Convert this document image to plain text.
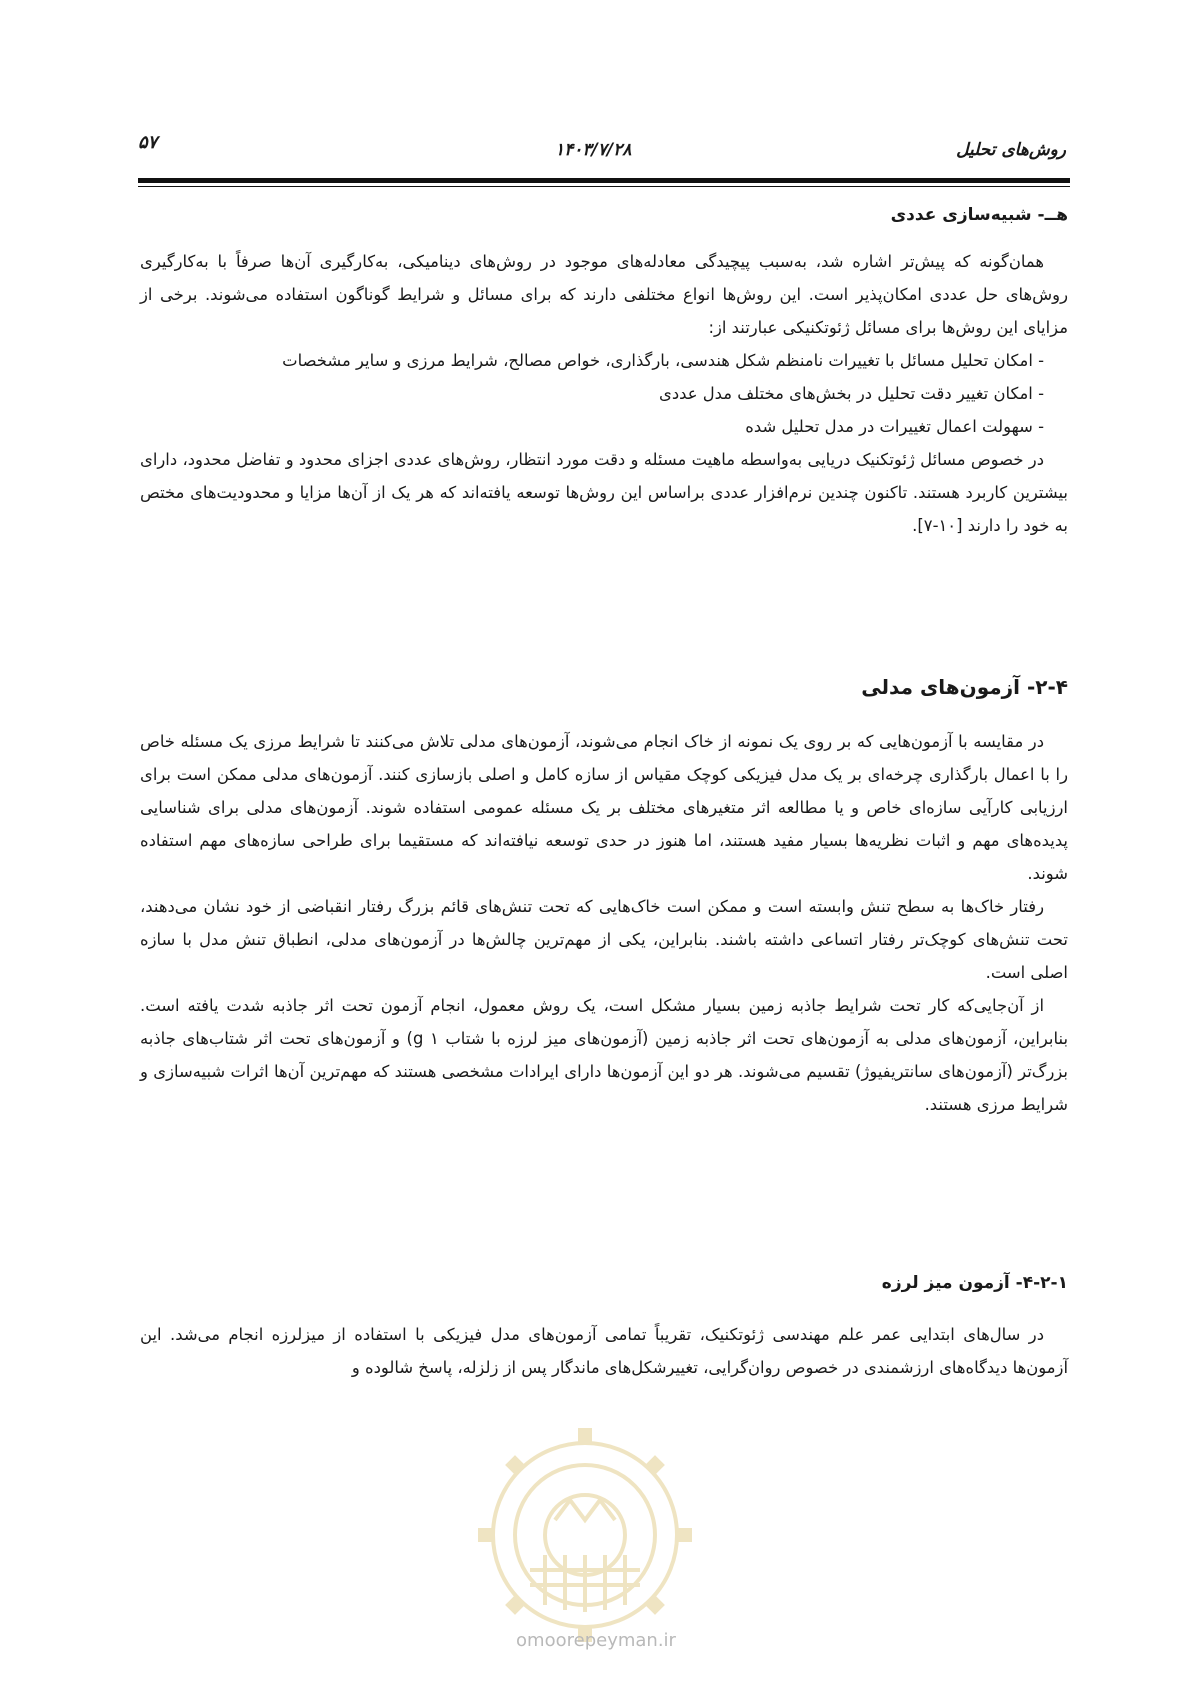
روش‌های تحلیل
۱۴۰۳/۷/۲۸
۵۷
هــ- شبیه‌سازی عددی

همان‌گونه که پیش‌تر اشاره شد، به‌سبب پیچیدگی معادله‌های موجود در روش‌های دینامیکی، به‌کارگیری آن‌ها صرفاً با به‌کارگیری روش‌های حل عددی امکان‌پذیر است. این روش‌ها انواع مختلفی دارند که برای مسائل و شرایط گوناگون استفاده می‌شوند. برخی از مزایای این روش‌ها برای مسائل ژئوتکنیکی عبارتند از:

- امکان تحلیل مسائل با تغییرات نامنظم شکل هندسی، بارگذاری، خواص مصالح، شرایط مرزی و سایر مشخصات
- امکان تغییر دقت تحلیل در بخش‌های مختلف مدل عددی
- سهولت اعمال تغییرات در مدل تحلیل شده

در خصوص مسائل ژئوتکنیک دریایی به‌واسطه ماهیت مسئله و دقت مورد انتظار، روش‌های عددی اجزای محدود و تفاضل محدود، دارای بیشترین کاربرد هستند. تاکنون چندین نرم‌افزار عددی براساس این روش‌ها توسعه یافته‌اند که هر یک از آن‌ها مزایا و محدودیت‌های مختص به خود را دارند [۱۰-۷].

۲-۴- آزمون‌های مدلی

در مقایسه با آزمون‌هایی که بر روی یک نمونه از خاک انجام می‌شوند، آزمون‌های مدلی تلاش می‌کنند تا شرایط مرزی یک مسئله خاص را با اعمال بارگذاری چرخه‌ای بر یک مدل فیزیکی کوچک مقیاس از سازه کامل و اصلی بازسازی کنند. آزمون‌های مدلی ممکن است برای ارزیابی کارآیی سازه‌ای خاص و یا مطالعه اثر متغیرهای مختلف بر یک مسئله عمومی استفاده شوند. آزمون‌های مدلی برای شناسایی پدیده‌های مهم و اثبات نظریه‌ها بسیار مفید هستند، اما هنوز در حدی توسعه نیافته‌اند که مستقیما برای طراحی سازه‌های مهم استفاده شوند.

رفتار خاک‌ها به سطح تنش وابسته است و ممکن است خاک‌هایی که تحت تنش‌های قائم بزرگ رفتار انقباضی از خود نشان می‌دهند، تحت تنش‌های کوچک‌تر رفتار اتساعی داشته باشند. بنابراین، یکی از مهم‌ترین چالش‌ها در آزمون‌های مدلی، انطباق تنش مدل با سازه اصلی است.

از آن‌جایی‌که کار تحت شرایط جاذبه زمین بسیار مشکل است، یک روش معمول، انجام آزمون تحت اثر جاذبه شدت یافته است. بنابراین، آزمون‌های مدلی به آزمون‌های تحت اثر جاذبه زمین (آزمون‌های میز لرزه با شتاب g ۱) و آزمون‌های تحت اثر شتاب‌های جاذبه بزرگ‌تر (آزمون‌های سانتریفیوژ) تقسیم می‌شوند. هر دو این آزمون‌ها دارای ایرادات مشخصی هستند که مهم‌ترین آن‌ها اثرات شبیه‌سازی و شرایط مرزی هستند.

۴-۲-۱- آزمون میز لرزه

در سال‌های ابتدایی عمر علم مهندسی ژئوتکنیک، تقریباً تمامی آزمون‌های مدل فیزیکی با استفاده از میزلرزه انجام می‌شد. این آزمون‌ها دیدگاه‌های ارزشمندی در خصوص روان‌گرایی، تغییرشکل‌های ماندگار پس از زلزله، پاسخ شالوده و

omoorepeyman.ir
